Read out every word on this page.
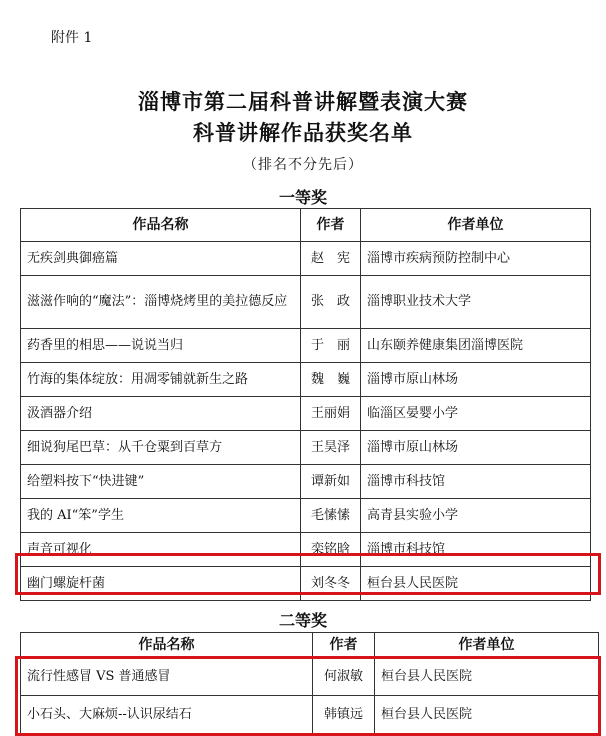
附件 1
淄博市第二届科普讲解暨表演大赛
科普讲解作品获奖名单
（排名不分先后）
一等奖
作品名称	作者	作者单位
无疾剑典御癌篇	赵　宪	淄博市疾病预防控制中心
滋滋作响的“魔法”：淄博烧烤里的美拉德反应	张　政	淄博职业技术大学
药香里的相思——说说当归	于　丽	山东颐养健康集团淄博医院
竹海的集体绽放：用凋零铺就新生之路	魏　巍	淄博市原山林场
汲酒器介绍	王丽娟	临淄区晏婴小学
细说狗尾巴草：从千仓粟到百草方	王昊泽	淄博市原山林场
给塑料按下“快进键”	谭新如	淄博市科技馆
我的 AI“笨”学生	毛愫愫	高青县实验小学
声音可视化	栾铭晗	淄博市科技馆
幽门螺旋杆菌	刘冬冬	桓台县人民医院
二等奖
作品名称	作者	作者单位
流行性感冒 VS 普通感冒	何淑敏	桓台县人民医院
小石头、大麻烦--认识尿结石	韩镇远	桓台县人民医院
